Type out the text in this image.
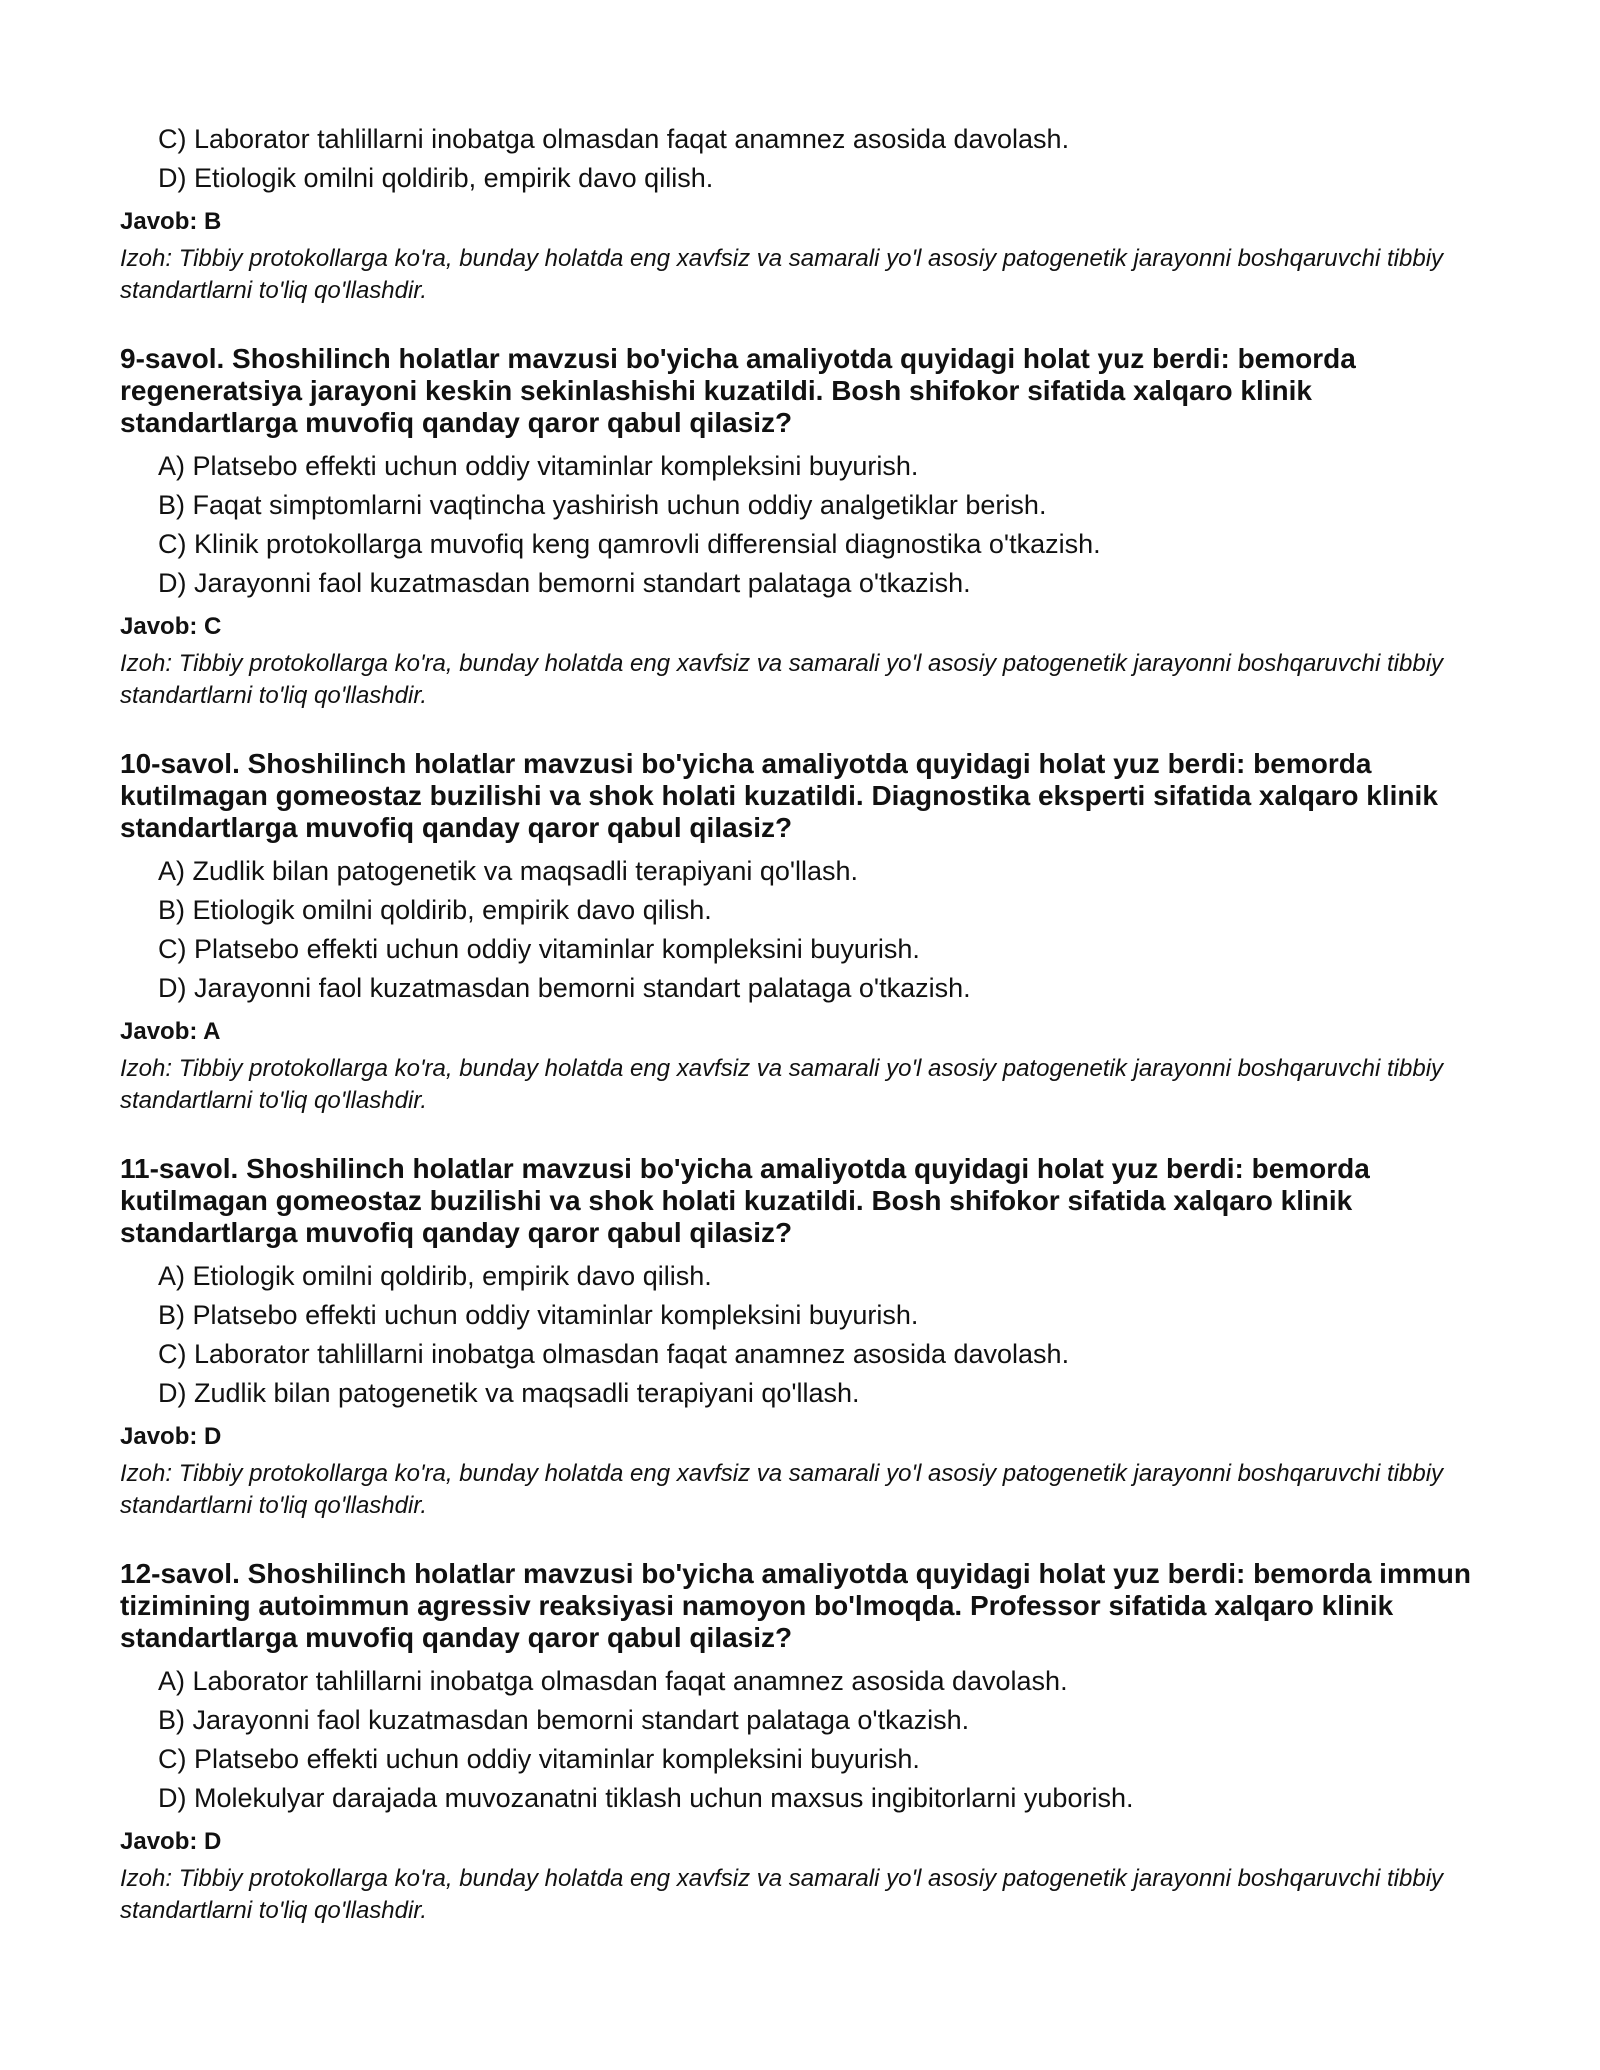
C) Laborator tahlillarni inobatga olmasdan faqat anamnez asosida davolash.
D) Etiologik omilni qoldirib, empirik davo qilish.
Javob: B
Izoh: Tibbiy protokollarga ko'ra, bunday holatda eng xavfsiz va samarali yo'l asosiy patogenetik jarayonni boshqaruvchi tibbiy standartlarni to'liq qo'llashdir.
9-savol. Shoshilinch holatlar mavzusi bo'yicha amaliyotda quyidagi holat yuz berdi: bemorda regeneratsiya jarayoni keskin sekinlashishi kuzatildi. Bosh shifokor sifatida xalqaro klinik standartlarga muvofiq qanday qaror qabul qilasiz?
A) Platsebo effekti uchun oddiy vitaminlar kompleksini buyurish.
B) Faqat simptomlarni vaqtincha yashirish uchun oddiy analgetiklar berish.
C) Klinik protokollarga muvofiq keng qamrovli differensial diagnostika o'tkazish.
D) Jarayonni faol kuzatmasdan bemorni standart palataga o'tkazish.
Javob: C
Izoh: Tibbiy protokollarga ko'ra, bunday holatda eng xavfsiz va samarali yo'l asosiy patogenetik jarayonni boshqaruvchi tibbiy standartlarni to'liq qo'llashdir.
10-savol. Shoshilinch holatlar mavzusi bo'yicha amaliyotda quyidagi holat yuz berdi: bemorda kutilmagan gomeostaz buzilishi va shok holati kuzatildi. Diagnostika eksperti sifatida xalqaro klinik standartlarga muvofiq qanday qaror qabul qilasiz?
A) Zudlik bilan patogenetik va maqsadli terapiyani qo'llash.
B) Etiologik omilni qoldirib, empirik davo qilish.
C) Platsebo effekti uchun oddiy vitaminlar kompleksini buyurish.
D) Jarayonni faol kuzatmasdan bemorni standart palataga o'tkazish.
Javob: A
Izoh: Tibbiy protokollarga ko'ra, bunday holatda eng xavfsiz va samarali yo'l asosiy patogenetik jarayonni boshqaruvchi tibbiy standartlarni to'liq qo'llashdir.
11-savol. Shoshilinch holatlar mavzusi bo'yicha amaliyotda quyidagi holat yuz berdi: bemorda kutilmagan gomeostaz buzilishi va shok holati kuzatildi. Bosh shifokor sifatida xalqaro klinik standartlarga muvofiq qanday qaror qabul qilasiz?
A) Etiologik omilni qoldirib, empirik davo qilish.
B) Platsebo effekti uchun oddiy vitaminlar kompleksini buyurish.
C) Laborator tahlillarni inobatga olmasdan faqat anamnez asosida davolash.
D) Zudlik bilan patogenetik va maqsadli terapiyani qo'llash.
Javob: D
Izoh: Tibbiy protokollarga ko'ra, bunday holatda eng xavfsiz va samarali yo'l asosiy patogenetik jarayonni boshqaruvchi tibbiy standartlarni to'liq qo'llashdir.
12-savol. Shoshilinch holatlar mavzusi bo'yicha amaliyotda quyidagi holat yuz berdi: bemorda immun tizimining autoimmun agressiv reaksiyasi namoyon bo'lmoqda. Professor sifatida xalqaro klinik standartlarga muvofiq qanday qaror qabul qilasiz?
A) Laborator tahlillarni inobatga olmasdan faqat anamnez asosida davolash.
B) Jarayonni faol kuzatmasdan bemorni standart palataga o'tkazish.
C) Platsebo effekti uchun oddiy vitaminlar kompleksini buyurish.
D) Molekulyar darajada muvozanatni tiklash uchun maxsus ingibitorlarni yuborish.
Javob: D
Izoh: Tibbiy protokollarga ko'ra, bunday holatda eng xavfsiz va samarali yo'l asosiy patogenetik jarayonni boshqaruvchi tibbiy standartlarni to'liq qo'llashdir.
